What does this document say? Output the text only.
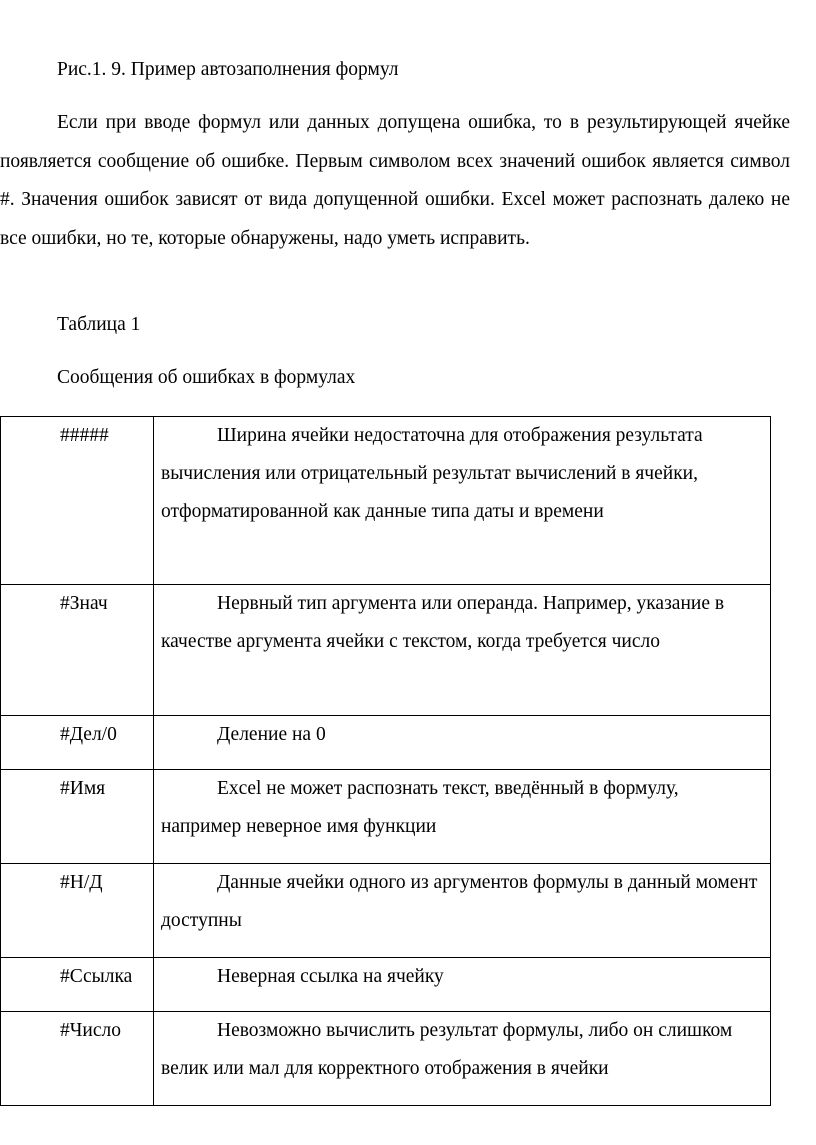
Рис.1. 9. Пример автозаполнения формул

Если при вводе формул или данных допущена ошибка, то в результирующей ячейке появляется сообщение об ошибке. Первым символом всех значений ошибок является символ #. Значения ошибок зависят от вида допущенной ошибки. Excel может распознать далеко не все ошибки, но те, которые обнаружены, надо уметь исправить.

Таблица 1

Сообщения об ошибках в формулах

#####	Ширина ячейки недостаточна для отображения результата вычисления или отрицательный результат вычислений в ячейки, отформатированной как данные типа даты и времени

#Знач	Нервный тип аргумента или операнда. Например, указание в качестве аргумента ячейки с текстом, когда требуется число

#Дел/0	Деление на 0

#Имя	Excel не может распознать текст, введённый в формулу, например неверное имя функции

#Н/Д	Данные ячейки одного из аргументов формулы в данный момент доступны

#Ссылка	Неверная ссылка на ячейку

#Число	Невозможно вычислить результат формулы, либо он слишком велик или мал для корректного отображения в ячейки
